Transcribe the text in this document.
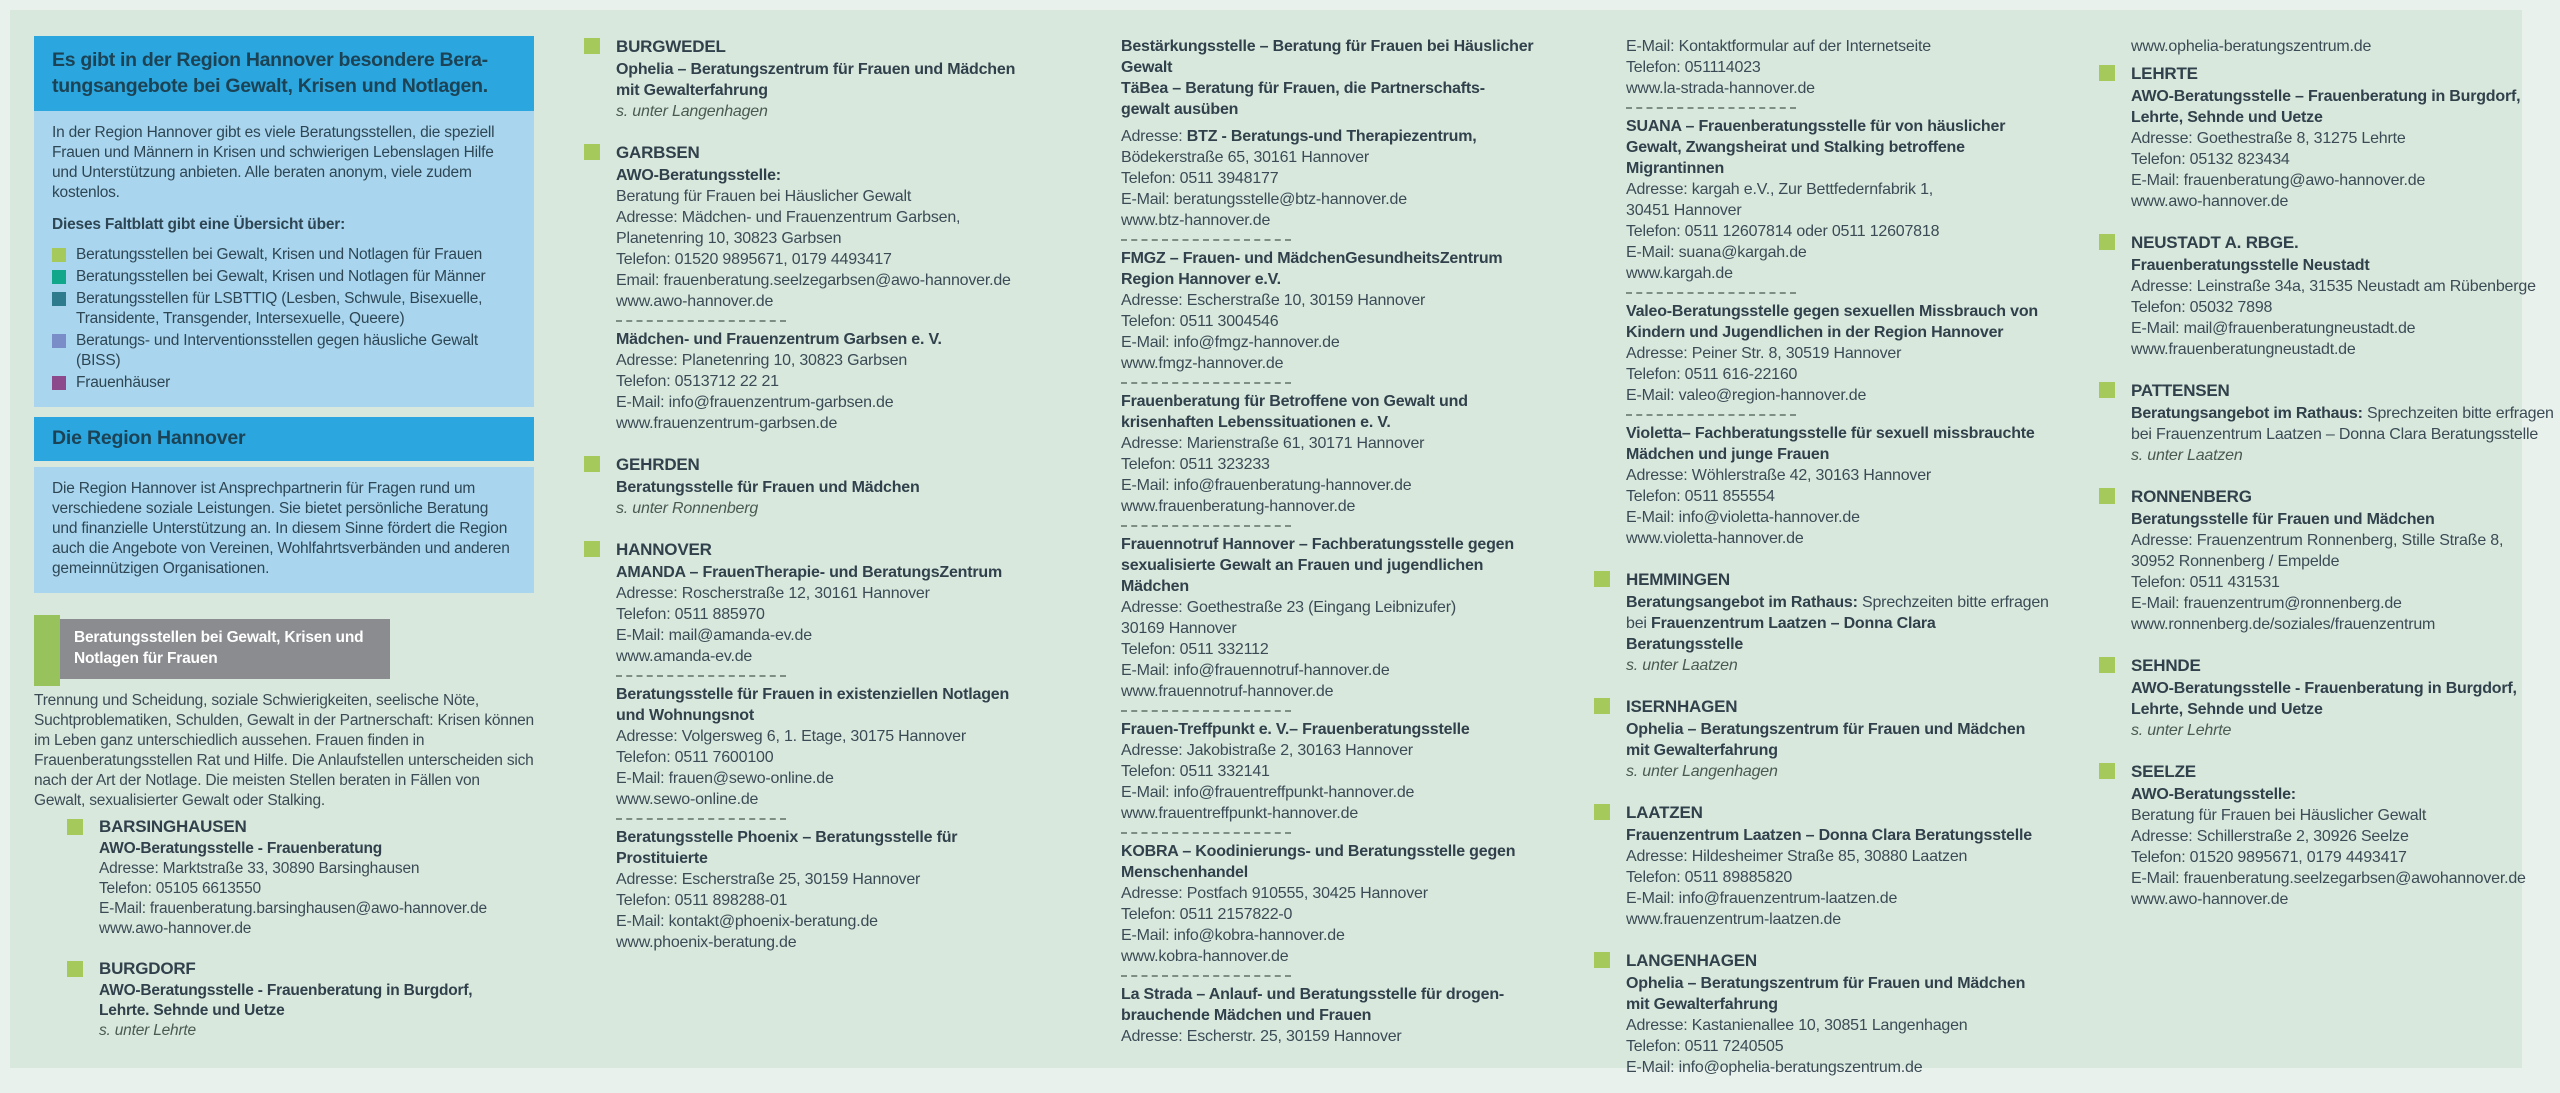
Es gibt in der Region Hannover besondere Bera-
tungsangebote bei Gewalt, Krisen und Notlagen.

In der Region Hannover gibt es viele Beratungsstellen, die speziell Frauen und Männern in Krisen und schwierigen Lebenslagen Hilfe und Unterstützung anbieten. Alle beraten anonym, viele zudem kostenlos.

Dieses Faltblatt gibt eine Übersicht über:

Beratungsstellen bei Gewalt, Krisen und Notlagen für Frauen
Beratungsstellen bei Gewalt, Krisen und Notlagen für Männer
Beratungsstellen für LSBTTIQ (Lesben, Schwule, Bisexuelle, Transidente, Transgender, Intersexuelle, Queere)
Beratungs- und Interventionsstellen gegen häusliche Gewalt (BISS)
Frauenhäuser
Die Region Hannover

Die Region Hannover ist Ansprechpartnerin für Fragen rund um verschiedene soziale Leistungen. Sie bietet persönliche Beratung und finanzielle Unterstützung an. In diesem Sinne fördert die Region auch die Angebote von Vereinen, Wohlfahrtsverbänden und anderen gemeinnützigen Organisationen.

Beratungsstellen bei Gewalt, Krisen und Notlagen für Frauen

Trennung und Scheidung, soziale Schwierigkeiten, seelische Nöte, Suchtproblematiken, Schulden, Gewalt in der Partnerschaft: Krisen können im Leben ganz unterschiedlich aussehen. Frauen finden in Frauenberatungsstellen Rat und Hilfe. Die Anlaufstellen unterscheiden sich nach der Art der Notlage. Die meisten Stellen beraten in Fällen von Gewalt, sexualisierter Gewalt oder Stalking.

BARSINGHAUSEN
AWO-Beratungsstelle - Frauenberatung
Adresse: Marktstraße 33, 30890 Barsinghausen
Telefon: 05105 6613550
E-Mail: frauenberatung.barsinghausen@awo-hannover.de
www.awo-hannover.de
BURGDORF
AWO-Beratungsstelle - Frauenberatung in Burgdorf,
Lehrte. Sehnde und Uetze
s. unter Lehrte
BURGWEDEL
Ophelia – Beratungszentrum für Frauen und Mädchen mit Gewalterfahrung
s. unter Langenhagen
GARBSEN
AWO-Beratungsstelle:
Beratung für Frauen bei Häuslicher Gewalt
Adresse: Mädchen- und Frauenzentrum Garbsen,
Planetenring 10, 30823 Garbsen
Telefon: 01520 9895671, 0179 4493417
Email: frauenberatung.seelzegarbsen@awo-hannover.de
www.awo-hannover.de
Mädchen- und Frauenzentrum Garbsen e. V.
Adresse: Planetenring 10, 30823 Garbsen
Telefon: 0513712 22 21
E-Mail: info@frauenzentrum-garbsen.de
www.frauenzentrum-garbsen.de
GEHRDEN
Beratungsstelle für Frauen und Mädchen
s. unter Ronnenberg
HANNOVER
AMANDA – FrauenTherapie- und BeratungsZentrum
Adresse: Roscherstraße 12, 30161 Hannover
Telefon: 0511 885970
E-Mail: mail@amanda-ev.de
www.amanda-ev.de
Beratungsstelle für Frauen in existenziellen Notlagen und Wohnungsnot
Adresse: Volgersweg 6, 1. Etage, 30175 Hannover
Telefon: 0511 7600100
E-Mail: frauen@sewo-online.de
www.sewo-online.de
Beratungsstelle Phoenix – Beratungsstelle für Prostituierte
Adresse: Escherstraße 25, 30159 Hannover
Telefon: 0511 898288-01
E-Mail: kontakt@phoenix-beratung.de
www.phoenix-beratung.de
Bestärkungsstelle – Beratung für Frauen bei Häuslicher Gewalt
TäBea – Beratung für Frauen, die Partnerschafts-
gewalt ausüben
Adresse: BTZ - Beratungs-und Therapiezentrum,
Bödekerstraße 65, 30161 Hannover
Telefon: 0511 3948177
E-Mail: beratungsstelle@btz-hannover.de
www.btz-hannover.de
FMGZ – Frauen- und MädchenGesundheitsZentrum Region Hannover e.V.
Adresse: Escherstraße 10, 30159 Hannover
Telefon: 0511 3004546
E-Mail: info@fmgz-hannover.de
www.fmgz-hannover.de
Frauenberatung für Betroffene von Gewalt und krisenhaften Lebenssituationen e. V.
Adresse: Marienstraße 61, 30171 Hannover
Telefon: 0511 323233
E-Mail: info@frauenberatung-hannover.de
www.frauenberatung-hannover.de
Frauennotruf Hannover – Fachberatungsstelle gegen sexualisierte Gewalt an Frauen und jugendlichen Mädchen
Adresse: Goethestraße 23 (Eingang Leibnizufer)
30169 Hannover
Telefon: 0511 332112
E-Mail: info@frauennotruf-hannover.de
www.frauennotruf-hannover.de
Frauen-Treffpunkt e. V.– Frauenberatungsstelle
Adresse: Jakobistraße 2, 30163 Hannover
Telefon: 0511 332141
E-Mail: info@frauentreffpunkt-hannover.de
www.frauentreffpunkt-hannover.de
KOBRA – Koodinierungs- und Beratungsstelle gegen Menschenhandel
Adresse: Postfach 910555, 30425 Hannover
Telefon: 0511 2157822-0
E-Mail: info@kobra-hannover.de
www.kobra-hannover.de
La Strada – Anlauf- und Beratungsstelle für drogen-
brauchende Mädchen und Frauen
Adresse: Escherstr. 25, 30159 Hannover
E-Mail: Kontaktformular auf der Internetseite
Telefon: 051114023
www.la-strada-hannover.de
SUANA – Frauenberatungsstelle für von häuslicher Gewalt, Zwangsheirat und Stalking betroffene Migrantinnen
Adresse: kargah e.V., Zur Bettfedernfabrik 1,
30451 Hannover
Telefon: 0511 12607814 oder 0511 12607818
E-Mail: suana@kargah.de
www.kargah.de
Valeo-Beratungsstelle gegen sexuellen Missbrauch von Kindern und Jugendlichen in der Region Hannover
Adresse: Peiner Str. 8, 30519 Hannover
Telefon: 0511 616-22160
E-Mail: valeo@region-hannover.de
Violetta– Fachberatungsstelle für sexuell missbrauchte Mädchen und junge Frauen
Adresse: Wöhlerstraße 42, 30163 Hannover
Telefon: 0511 855554
E-Mail: info@violetta-hannover.de
www.violetta-hannover.de
HEMMINGEN
Beratungsangebot im Rathaus: Sprechzeiten bitte erfragen
bei Frauenzentrum Laatzen – Donna Clara Beratungsstelle
s. unter Laatzen
ISERNHAGEN
Ophelia – Beratungszentrum für Frauen und Mädchen mit Gewalterfahrung
s. unter Langenhagen
LAATZEN
Frauenzentrum Laatzen – Donna Clara Beratungsstelle
Adresse: Hildesheimer Straße 85, 30880 Laatzen
Telefon: 0511 89885820
E-Mail: info@frauenzentrum-laatzen.de
www.frauenzentrum-laatzen.de
LANGENHAGEN
Ophelia – Beratungszentrum für Frauen und Mädchen mit Gewalterfahrung
Adresse: Kastanienallee 10, 30851 Langenhagen
Telefon: 0511 7240505
E-Mail: info@ophelia-beratungszentrum.de
www.ophelia-beratungszentrum.de
LEHRTE
AWO-Beratungsstelle – Frauenberatung in Burgdorf, Lehrte, Sehnde und Uetze
Adresse: Goethestraße 8, 31275 Lehrte
Telefon: 05132 823434
E-Mail: frauenberatung@awo-hannover.de
www.awo-hannover.de
NEUSTADT A. RBGE.
Frauenberatungsstelle Neustadt
Adresse: Leinstraße 34a, 31535 Neustadt am Rübenberge
Telefon: 05032 7898
E-Mail: mail@frauenberatungneustadt.de
www.frauenberatungneustadt.de
PATTENSEN
Beratungsangebot im Rathaus: Sprechzeiten bitte erfragen
bei Frauenzentrum Laatzen – Donna Clara Beratungsstelle
s. unter Laatzen
RONNENBERG
Beratungsstelle für Frauen und Mädchen
Adresse: Frauenzentrum Ronnenberg, Stille Straße 8,
30952 Ronnenberg / Empelde
Telefon: 0511 431531
E-Mail: frauenzentrum@ronnenberg.de
www.ronnenberg.de/soziales/frauenzentrum
SEHNDE
AWO-Beratungsstelle - Frauenberatung in Burgdorf, Lehrte, Sehnde und Uetze
s. unter Lehrte
SEELZE
AWO-Beratungsstelle:
Beratung für Frauen bei Häuslicher Gewalt
Adresse: Schillerstraße 2, 30926 Seelze
Telefon: 01520 9895671, 0179 4493417
E-Mail: frauenberatung.seelzegarbsen@awohannover.de
www.awo-hannover.de
